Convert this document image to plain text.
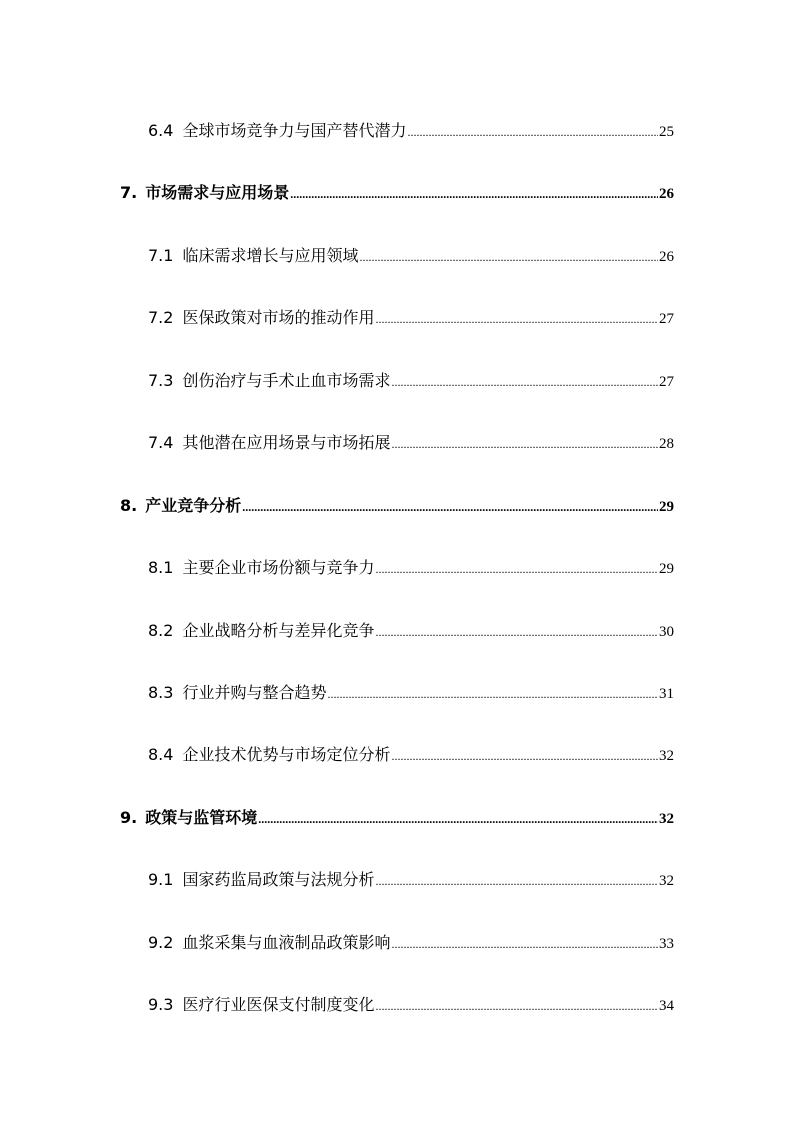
6.4 全球市场竞争力与国产替代潜力 .....	25
7. 市场需求与应用场景 .....	26
7.1 临床需求增长与应用领域 .....	26
7.2 医保政策对市场的推动作用 .....	27
7.3 创伤治疗与手术止血市场需求 .....	27
7.4 其他潜在应用场景与市场拓展 .....	28
8. 产业竞争分析 .....	29
8.1 主要企业市场份额与竞争力 .....	29
8.2 企业战略分析与差异化竞争 .....	30
8.3 行业并购与整合趋势 .....	31
8.4 企业技术优势与市场定位分析 .....	32
9. 政策与监管环境 .....	32
9.1 国家药监局政策与法规分析 .....	32
9.2 血浆采集与血液制品政策影响 .....	33
9.3 医疗行业医保支付制度变化 .....	34
